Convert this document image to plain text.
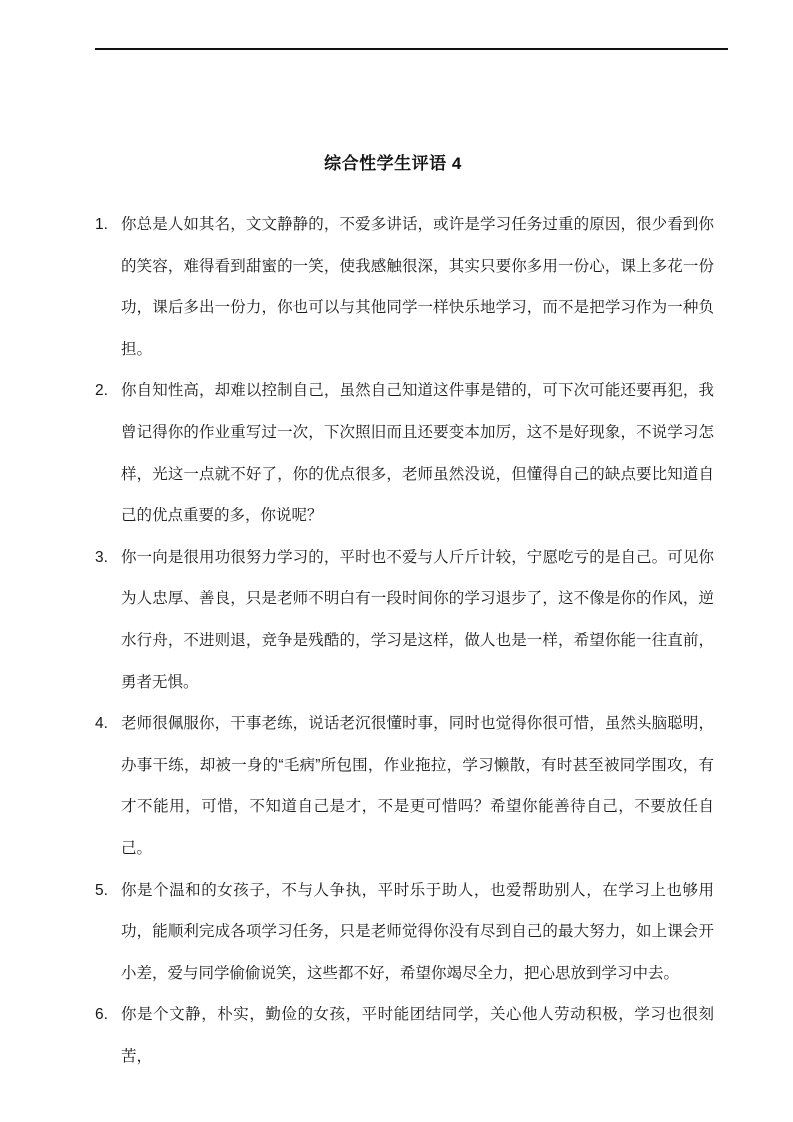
综合性学生评语 4
1. 你总是人如其名，文文静静的，不爱多讲话，或许是学习任务过重的原因，很少看到你的笑容，难得看到甜蜜的一笑，使我感触很深，其实只要你多用一份心，课上多花一份功，课后多出一份力，你也可以与其他同学一样快乐地学习，而不是把学习作为一种负担。

2. 你自知性高，却难以控制自己，虽然自己知道这件事是错的，可下次可能还要再犯，我曾记得你的作业重写过一次，下次照旧而且还要变本加厉，这不是好现象，不说学习怎样，光这一点就不好了，你的优点很多，老师虽然没说，但懂得自己的缺点要比知道自己的优点重要的多，你说呢？

3. 你一向是很用功很努力学习的，平时也不爱与人斤斤计较，宁愿吃亏的是自己。可见你为人忠厚、善良，只是老师不明白有一段时间你的学习退步了，这不像是你的作风，逆水行舟，不进则退，竞争是残酷的，学习是这样，做人也是一样，希望你能一往直前，勇者无惧。

4. 老师很佩服你，干事老练，说话老沉很懂时事，同时也觉得你很可惜，虽然头脑聪明，办事干练，却被一身的“毛病”所包围，作业拖拉，学习懒散，有时甚至被同学围攻，有才不能用，可惜，不知道自己是才，不是更可惜吗？希望你能善待自己，不要放任自己。

5. 你是个温和的女孩子，不与人争执，平时乐于助人，也爱帮助别人，在学习上也够用功，能顺利完成各项学习任务，只是老师觉得你没有尽到自己的最大努力，如上课会开小差，爱与同学偷偷说笑，这些都不好，希望你竭尽全力，把心思放到学习中去。

6. 你是个文静，朴实，勤俭的女孩，平时能团结同学，关心他人劳动积极，学习也很刻苦，
